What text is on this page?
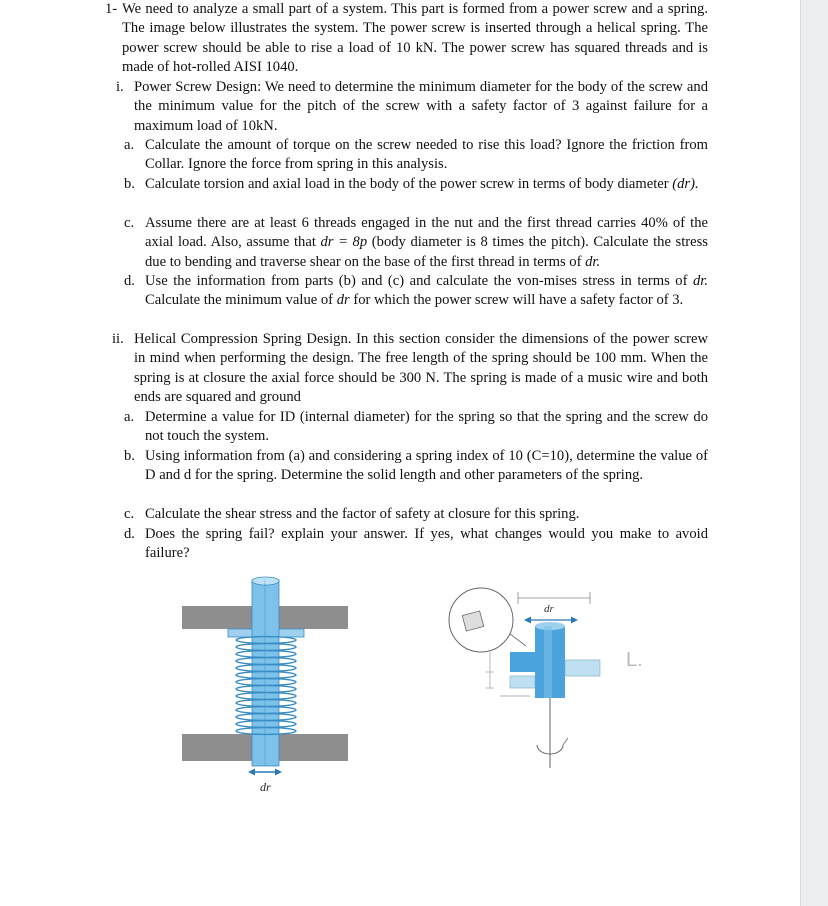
1- We need to analyze a small part of a system. This part is formed from a power screw and a spring. The image below illustrates the system. The power screw is inserted through a helical spring. The power screw should be able to rise a load of 10 kN. The power screw has squared threads and is made of hot-rolled AISI 1040.
i. Power Screw Design: We need to determine the minimum diameter for the body of the screw and the minimum value for the pitch of the screw with a safety factor of 3 against failure for a maximum load of 10kN.
a. Calculate the amount of torque on the screw needed to rise this load? Ignore the friction from Collar. Ignore the force from spring in this analysis.
b. Calculate torsion and axial load in the body of the power screw in terms of body diameter (dr).
c. Assume there are at least 6 threads engaged in the nut and the first thread carries 40% of the axial load. Also, assume that dr = 8p (body diameter is 8 times the pitch). Calculate the stress due to bending and traverse shear on the base of the first thread in terms of dr.
d. Use the information from parts (b) and (c) and calculate the von-mises stress in terms of dr. Calculate the minimum value of dr for which the power screw will have a safety factor of 3.
ii. Helical Compression Spring Design. In this section consider the dimensions of the power screw in mind when performing the design. The free length of the spring should be 100 mm. When the spring is at closure the axial force should be 300 N. The spring is made of a music wire and both ends are squared and ground
a. Determine a value for ID (internal diameter) for the spring so that the spring and the screw do not touch the system.
b. Using information from (a) and considering a spring index of 10 (C=10), determine the value of D and d for the spring. Determine the solid length and other parameters of the spring.
c. Calculate the shear stress and the factor of safety at closure for this spring.
d. Does the spring fail? explain your answer. If yes, what changes would you make to avoid failure?
dr
dr
L.
